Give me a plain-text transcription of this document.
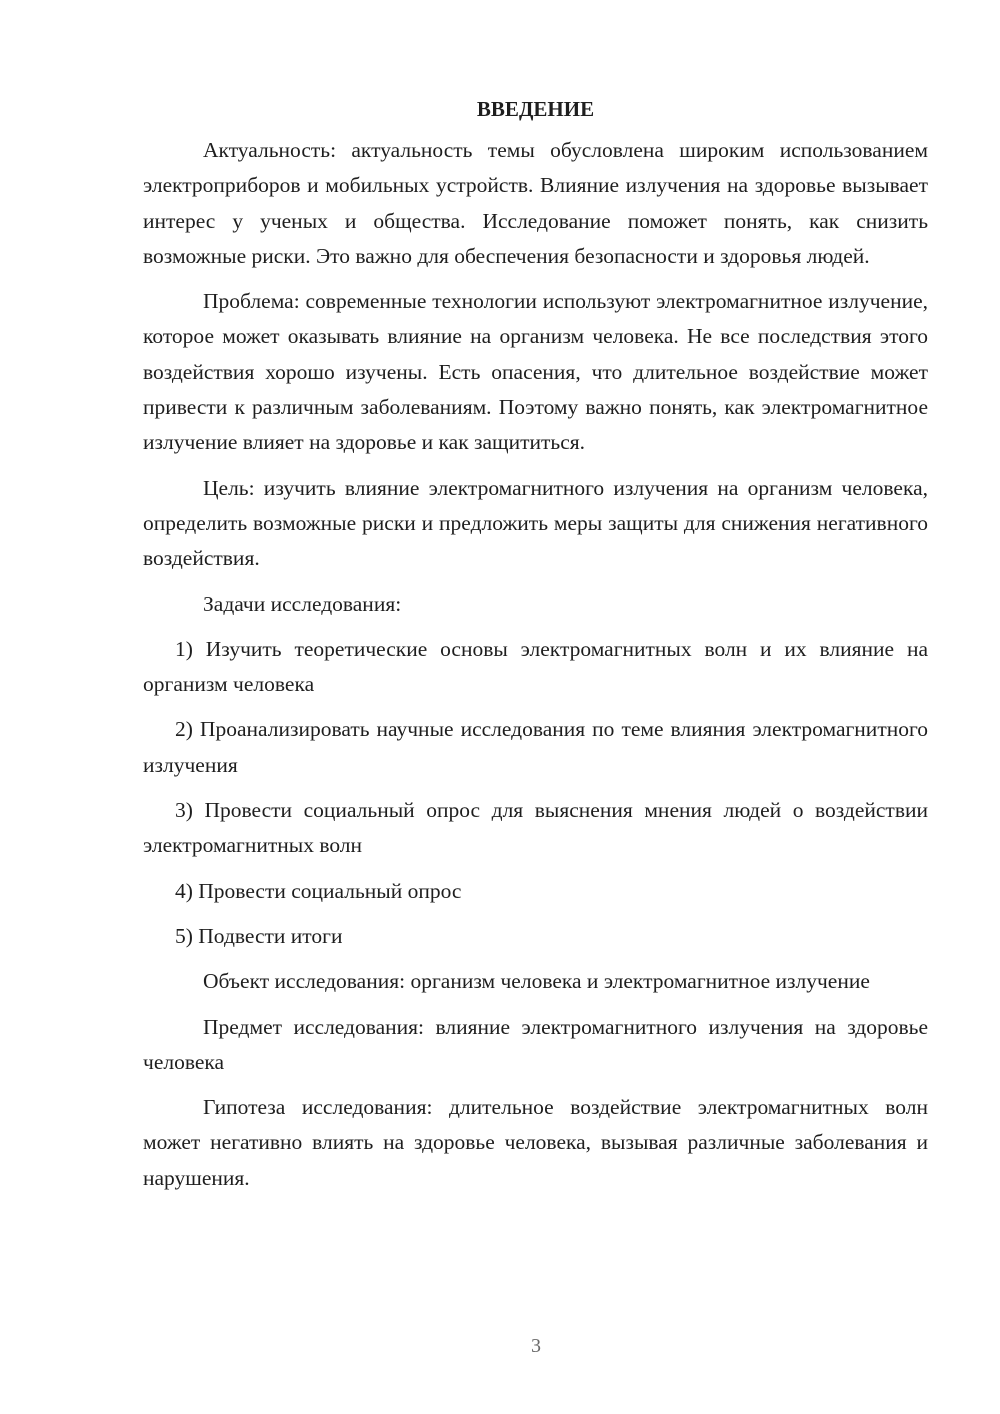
ВВЕДЕНИЕ

Актуальность: актуальность темы обусловлена широким использованием электроприборов и мобильных устройств. Влияние излучения на здоровье вызывает интерес у ученых и общества. Исследование поможет понять, как снизить возможные риски. Это важно для обеспечения безопасности и здоровья людей.

Проблема: современные технологии используют электромагнитное излучение, которое может оказывать влияние на организм человека. Не все последствия этого воздействия хорошо изучены. Есть опасения, что длительное воздействие может привести к различным заболеваниям. Поэтому важно понять, как электромагнитное излучение влияет на здоровье и как защититься.

Цель: изучить влияние электромагнитного излучения на организм человека, определить возможные риски и предложить меры защиты для снижения негативного воздействия.

Задачи исследования:

1) Изучить теоретические основы электромагнитных волн и их влияние на организм человека

2) Проанализировать научные исследования по теме влияния электромагнитного излучения

3) Провести социальный опрос для выяснения мнения людей о воздействии электромагнитных волн

4) Провести социальный опрос

5) Подвести итоги

Объект исследования: организм человека и электромагнитное излучение

Предмет исследования: влияние электромагнитного излучения на здоровье человека

Гипотеза исследования: длительное воздействие электромагнитных волн может негативно влиять на здоровье человека, вызывая различные заболевания и нарушения.

3
